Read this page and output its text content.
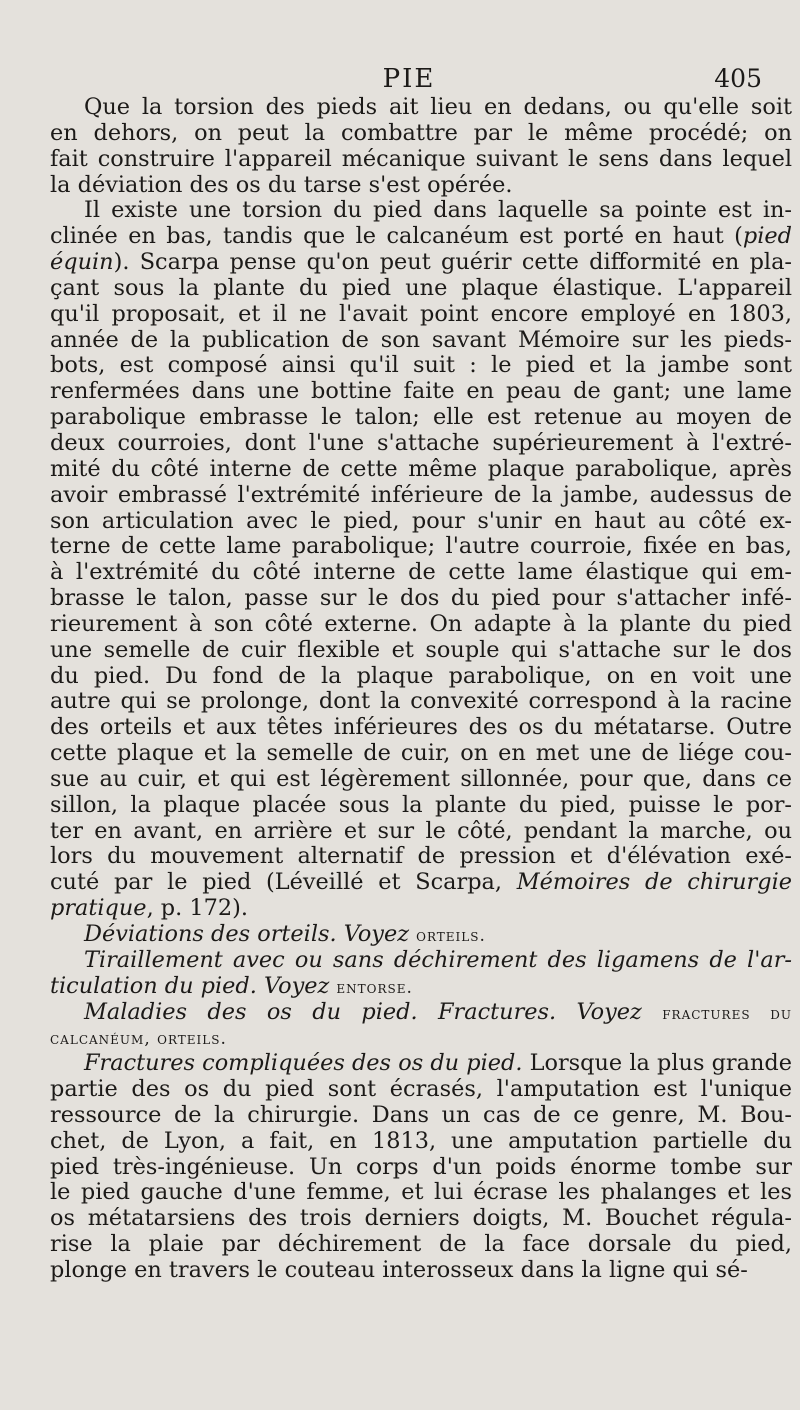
PIE	405
Que la torsion des pieds ait lieu en dedans, ou qu'elle soit
en dehors, on peut la combattre par le même procédé; on
fait construire l'appareil mécanique suivant le sens dans lequel
la déviation des os du tarse s'est opérée.
Il existe une torsion du pied dans laquelle sa pointe est in-
clinée en bas, tandis que le calcanéum est porté en haut (pied
équin). Scarpa pense qu'on peut guérir cette difformité en pla-
çant sous la plante du pied une plaque élastique. L'appareil
qu'il proposait, et il ne l'avait point encore employé en 1803,
année de la publication de son savant Mémoire sur les pieds-
bots, est composé ainsi qu'il suit : le pied et la jambe sont
renfermées dans une bottine faite en peau de gant; une lame
parabolique embrasse le talon; elle est retenue au moyen de
deux courroies, dont l'une s'attache supérieurement à l'extré-
mité du côté interne de cette même plaque parabolique, après
avoir embrassé l'extrémité inférieure de la jambe, audessus de
son articulation avec le pied, pour s'unir en haut au côté ex-
terne de cette lame parabolique; l'autre courroie, fixée en bas,
à l'extrémité du côté interne de cette lame élastique qui em-
brasse le talon, passe sur le dos du pied pour s'attacher infé-
rieurement à son côté externe. On adapte à la plante du pied
une semelle de cuir flexible et souple qui s'attache sur le dos
du pied. Du fond de la plaque parabolique, on en voit une
autre qui se prolonge, dont la convexité correspond à la racine
des orteils et aux têtes inférieures des os du métatarse. Outre
cette plaque et la semelle de cuir, on en met une de liége cou-
sue au cuir, et qui est légèrement sillonnée, pour que, dans ce
sillon, la plaque placée sous la plante du pied, puisse le por-
ter en avant, en arrière et sur le côté, pendant la marche, ou
lors du mouvement alternatif de pression et d'élévation exé-
cuté par le pied (Léveillé et Scarpa, Mémoires de chirurgie
pratique, p. 172).
Déviations des orteils. Voyez orteils.
Tiraillement avec ou sans déchirement des ligamens de l'ar-
ticulation du pied. Voyez entorse.
Maladies des os du pied. Fractures. Voyez fractures du
calcanéum, orteils.
Fractures compliquées des os du pied. Lorsque la plus grande
partie des os du pied sont écrasés, l'amputation est l'unique
ressource de la chirurgie. Dans un cas de ce genre, M. Bou-
chet, de Lyon, a fait, en 1813, une amputation partielle du
pied très-ingénieuse. Un corps d'un poids énorme tombe sur
le pied gauche d'une femme, et lui écrase les phalanges et les
os métatarsiens des trois derniers doigts, M. Bouchet régula-
rise la plaie par déchirement de la face dorsale du pied,
plonge en travers le couteau interosseux dans la ligne qui sé-
